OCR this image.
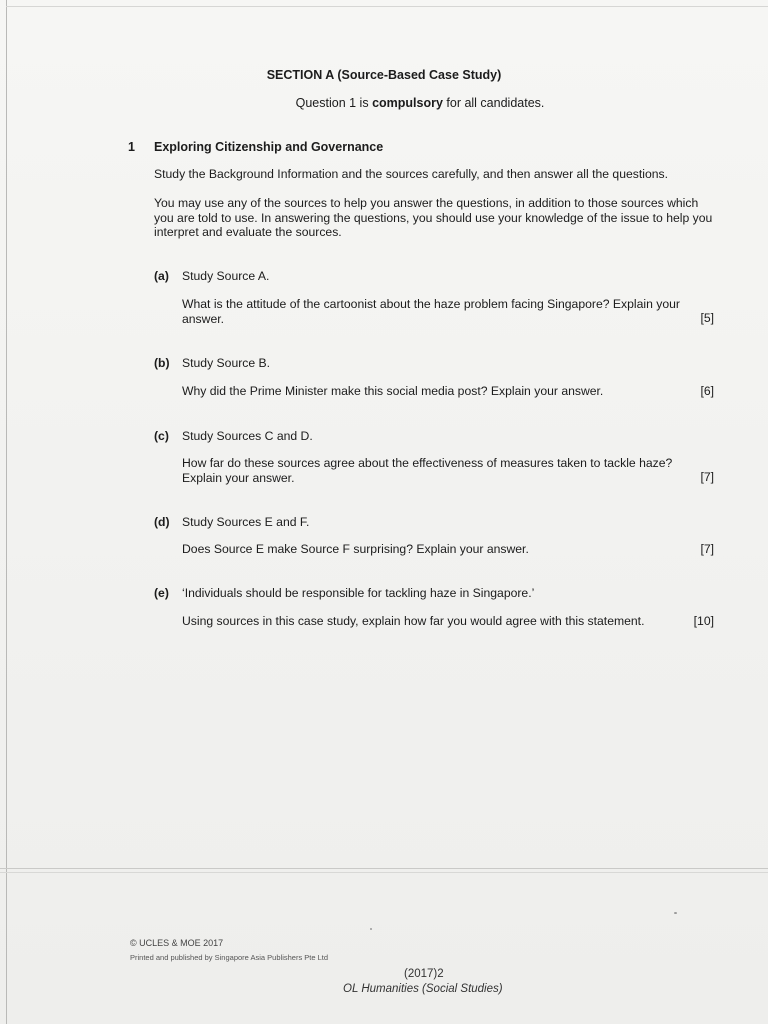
SECTION A (Source-Based Case Study)
Question 1 is compulsory for all candidates.
1 Exploring Citizenship and Governance
Study the Background Information and the sources carefully, and then answer all the questions.
You may use any of the sources to help you answer the questions, in addition to those sources which you are told to use. In answering the questions, you should use your knowledge of the issue to help you interpret and evaluate the sources.
(a) Study Source A.
What is the attitude of the cartoonist about the haze problem facing Singapore? Explain your answer.	[5]
(b) Study Source B.
Why did the Prime Minister make this social media post? Explain your answer.	[6]
(c) Study Sources C and D.
How far do these sources agree about the effectiveness of measures taken to tackle haze? Explain your answer.	[7]
(d) Study Sources E and F.
Does Source E make Source F surprising? Explain your answer.	[7]
(e) ‘Individuals should be responsible for tackling haze in Singapore.’
Using sources in this case study, explain how far you would agree with this statement.	[10]
© UCLES & MOE 2017
Printed and published by Singapore Asia Publishers Pte Ltd
(2017)2
OL Humanities (Social Studies)
